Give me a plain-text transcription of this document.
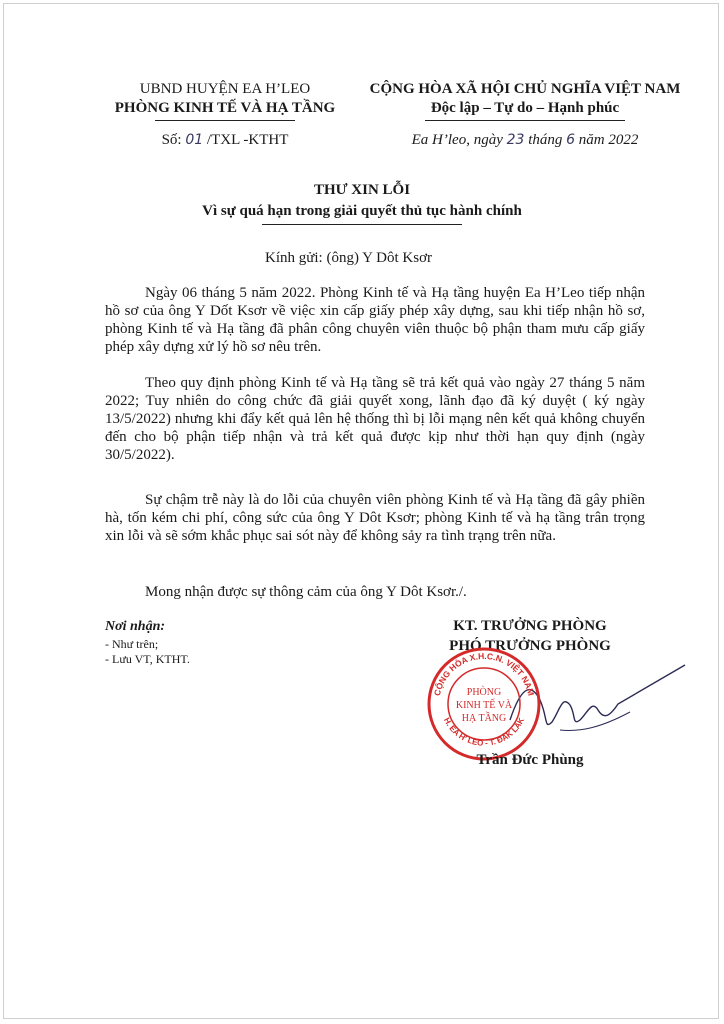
UBND HUYỆN EA H’LEO
PHÒNG KINH TẾ VÀ HẠ TẦNG
Số: 01 /TXL -KTHT
CỘNG HÒA XÃ HỘI CHỦ NGHĨA VIỆT NAM
Độc lập – Tự do – Hạnh phúc
Ea H’leo, ngày 23 tháng 6 năm 2022
THƯ XIN LỖI
Vì sự quá hạn trong giải quyết thủ tục hành chính
Kính gửi: (ông) Y Dôt Ksơr
Ngày 06 tháng 5 năm 2022. Phòng Kinh tế và Hạ tầng huyện Ea H’Leo tiếp nhận hồ sơ của ông Y Dốt Ksơr về việc xin cấp giấy phép xây dựng, sau khi tiếp nhận hồ sơ, phòng Kinh tế và Hạ tầng đã phân công chuyên viên thuộc bộ phận tham mưu cấp giấy phép xây dựng xử lý hồ sơ nêu trên.
Theo quy định phòng Kinh tế và Hạ tầng sẽ trả kết quả vào ngày 27 tháng 5 năm 2022; Tuy nhiên do công chức đã giải quyết xong, lãnh đạo đã ký duyệt ( ký ngày 13/5/2022) nhưng khi đẩy kết quả lên hệ thống thì bị lỗi mạng nên kết quả không chuyển đến cho bộ phận tiếp nhận và trả kết quả được kịp như thời hạn quy định (ngày 30/5/2022).
Sự chậm trễ này là do lỗi của chuyên viên phòng Kinh tế và Hạ tầng đã gây phiền hà, tốn kém chi phí, công sức của ông Y Dôt Ksơr; phòng Kinh tế và hạ tầng trân trọng xin lỗi và sẽ sớm khắc phục sai sót này để không sảy ra tình trạng trên nữa.
Mong nhận được sự thông cảm của ông Y Dôt Ksơr./.
Nơi nhận:
- Như trên;
- Lưu VT, KTHT.
KT. TRƯỞNG PHÒNG
PHÓ TRƯỞNG PHÒNG
CỘNG HÒA X.H.C.N. VIỆT NAM
H. EA H' LEO - T. ĐẮK LẮK
PHÒNG
KINH TẾ VÀ
HẠ TẦNG
Trần Đức Phùng
